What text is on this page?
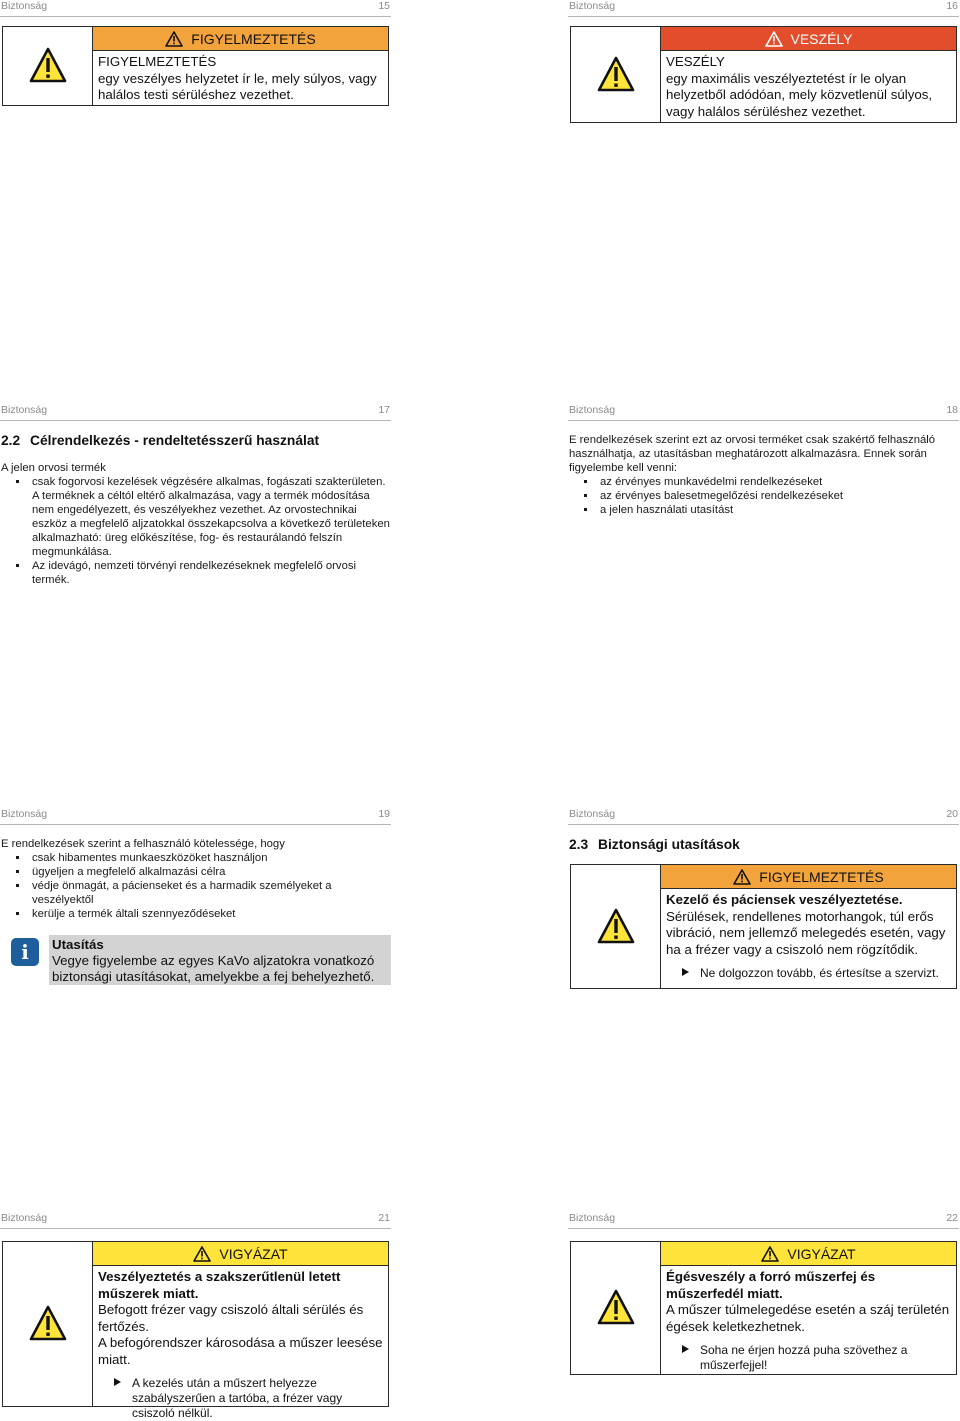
Biztonság	15
FIGYELMEZTETÉS
FIGYELMEZTETÉS
egy veszélyes helyzetet ír le, mely súlyos, vagy halálos testi sérüléshez vezethet.
Biztonság	16
VESZÉLY
VESZÉLY
egy maximális veszélyeztetést ír le olyan helyzetből adódóan, mely közvetlenül súlyos, vagy halálos sérüléshez vezethet.
Biztonság	17
2.2 Célrendelkezés - rendeltetésszerű használat
A jelen orvosi termék
csak fogorvosi kezelések végzésére alkalmas, fogászati szakterületen. A terméknek a céltól eltérő alkalmazása, vagy a termék módosítása nem engedélyezett, és veszélyekhez vezethet. Az orvostechnikai eszköz a megfelelő aljzatokkal összekapcsolva a következő területeken alkalmazható: üreg előkészítése, fog- és restaurálandó felszín megmunkálása.
Az idevágó, nemzeti törvényi rendelkezéseknek megfelelő orvosi termék.
Biztonság	18
E rendelkezések szerint ezt az orvosi terméket csak szakértő felhasználó használhatja, az utasításban meghatározott alkalmazásra. Ennek során figyelembe kell venni:
az érvényes munkavédelmi rendelkezéseket
az érvényes balesetmegelőzési rendelkezéseket
a jelen használati utasítást
Biztonság	19
E rendelkezések szerint a felhasználó kötelessége, hogy
csak hibamentes munkaeszközöket használjon
ügyeljen a megfelelő alkalmazási célra
védje önmagát, a pácienseket és a harmadik személyeket a veszélyektől
kerülje a termék általi szennyeződéseket
i	Utasítás
Vegye figyelembe az egyes KaVo aljzatokra vonatkozó biztonsági utasításokat, amelyekbe a fej behelyezhető.
Biztonság	20
2.3 Biztonsági utasítások
FIGYELMEZTETÉS
Kezelő és páciensek veszélyeztetése.
Sérülések, rendellenes motorhangok, túl erős vibráció, nem jellemző melegedés esetén, vagy ha a frézer vagy a csiszoló nem rögzítődik.
Ne dolgozzon tovább, és értesítse a szervizt.
Biztonság	21
VIGYÁZAT
Veszélyeztetés a szakszerűtlenül letett műszerek miatt.
Befogott frézer vagy csiszoló általi sérülés és fertőzés.
A befogórendszer károsodása a műszer leesése miatt.
A kezelés után a műszert helyezze szabályszerűen a tartóba, a frézer vagy csiszoló nélkül.
Biztonság	22
VIGYÁZAT
Égésveszély a forró műszerfej és műszerfedél miatt.
A műszer túlmelegedése esetén a száj területén égések keletkezhetnek.
Soha ne érjen hozzá puha szövethez a műszerfejjel!
